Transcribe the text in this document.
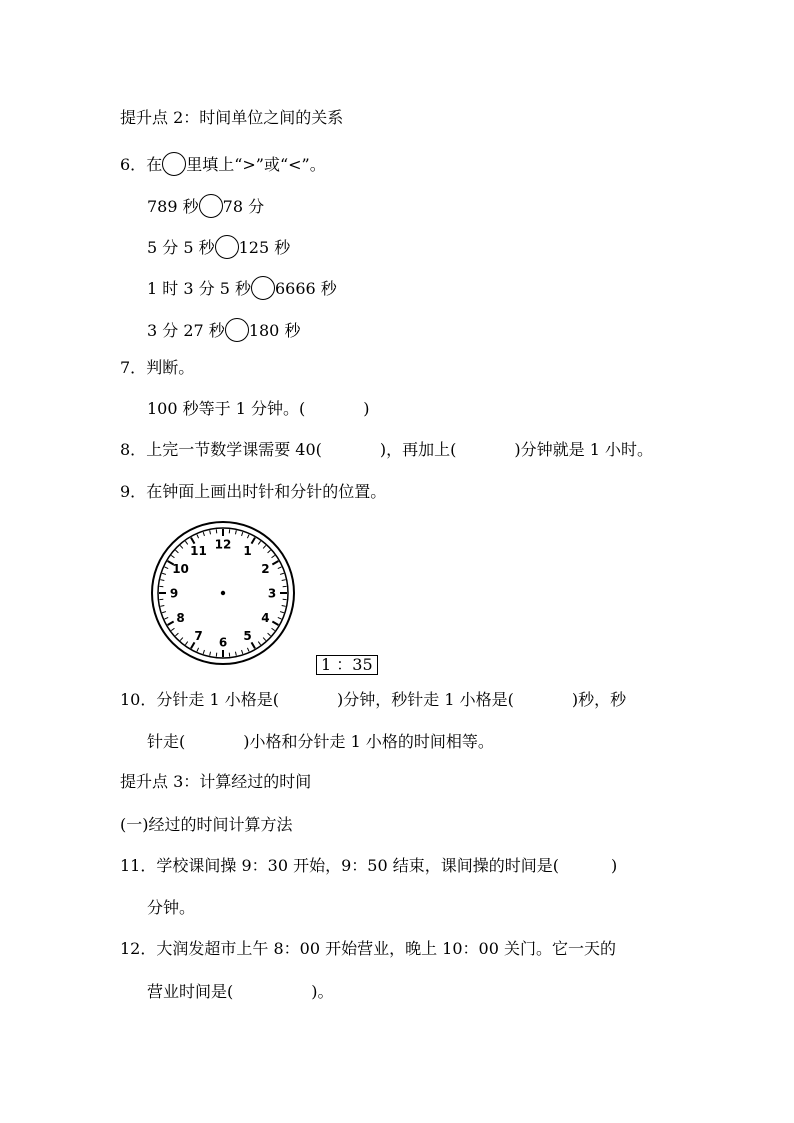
提升点 2：时间单位之间的关系
6．在 里填上“>”或“<”。
789 秒 78 分
5 分 5 秒 125 秒
1 时 3 分 5 秒 6666 秒
3 分 27 秒 180 秒
7．判断。
100 秒等于 1 分钟。(	)
8．上完一节数学课需要 40(	)，再加上(	)分钟就是 1 小时。
9．在钟面上画出时针和分针的位置。
12 1
2
3
4
5
6
7
8
9
10
11
1 ：35
10．分针走 1 小格是(	)分钟，秒针走 1 小格是(	)秒，秒
针走(	)小格和分针走 1 小格的时间相等。
提升点 3：计算经过的时间
(一)经过的时间计算方法
11．学校课间操 9：30 开始，9：50 结束，课间操的时间是(	)
分钟。
12．大润发超市上午 8：00 开始营业，晚上 10：00 关门。它一天的
营业时间是(	)。
